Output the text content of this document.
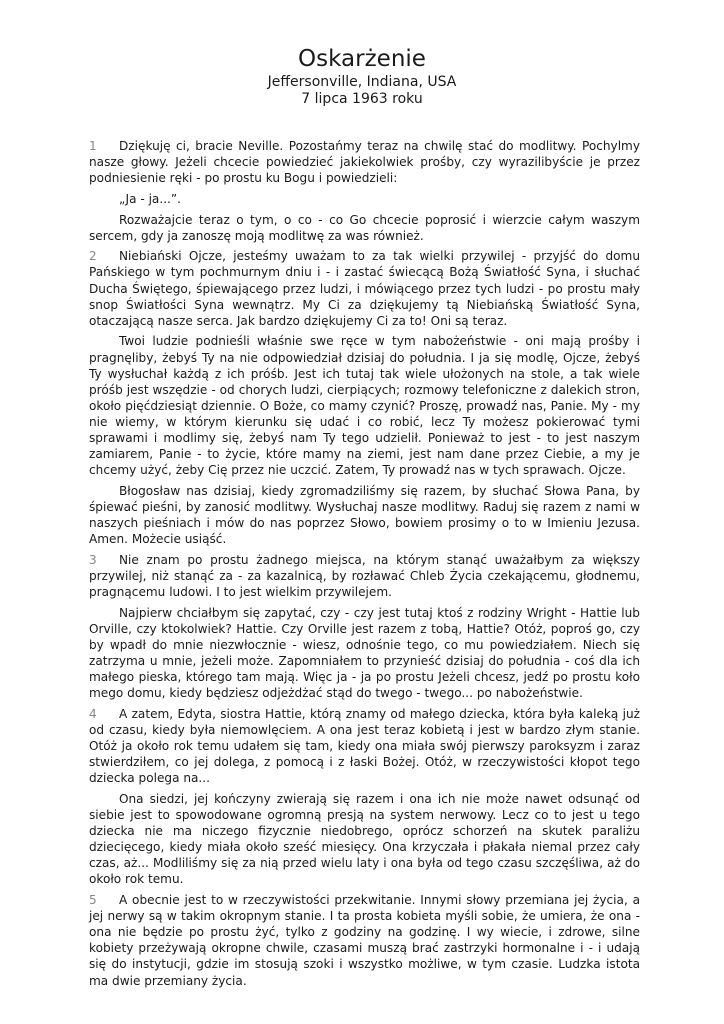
Oskarżenie
Jeffersonville, Indiana, USA
7 lipca 1963 roku

1 Dziękuję ci, bracie Neville. Pozostańmy teraz na chwilę stać do modlitwy. Pochylmy nasze głowy. Jeżeli chcecie powiedzieć jakiekolwiek prośby, czy wyrazilibyście je przez podniesienie ręki - po prostu ku Bogu i powiedzieli:

„Ja - ja...”.

Rozważajcie teraz o tym, o co - co Go chcecie poprosić i wierzcie całym waszym sercem, gdy ja zanoszę moją modlitwę za was również.

2 Niebiański Ojcze, jesteśmy uważam to za tak wielki przywilej - przyjść do domu Pańskiego w tym pochmurnym dniu i - i zastać świecącą Bożą Światłość Syna, i słuchać Ducha Świętego, śpiewającego przez ludzi, i mówiącego przez tych ludzi - po prostu mały snop Światłości Syna wewnątrz. My Ci za dziękujemy tą Niebiańską Światłość Syna, otaczającą nasze serca. Jak bardzo dziękujemy Ci za to! Oni są teraz.

Twoi ludzie podnieśli właśnie swe ręce w tym nabożeństwie - oni mają prośby i pragnęliby, żebyś Ty na nie odpowiedział dzisiaj do południa. I ja się modlę, Ojcze, żebyś Ty wysłuchał każdą z ich próśb. Jest ich tutaj tak wiele ułożonych na stole, a tak wiele próśb jest wszędzie - od chorych ludzi, cierpiących; rozmowy telefoniczne z dalekich stron, około pięćdziesiąt dziennie. O Boże, co mamy czynić? Proszę, prowadź nas, Panie. My - my nie wiemy, w którym kierunku się udać i co robić, lecz Ty możesz pokierować tymi sprawami i modlimy się, żebyś nam Ty tego udzielił. Ponieważ to jest - to jest naszym zamiarem, Panie - to życie, które mamy na ziemi, jest nam dane przez Ciebie, a my je chcemy użyć, żeby Cię przez nie uczcić. Zatem, Ty prowadź nas w tych sprawach. Ojcze.

Błogosław nas dzisiaj, kiedy zgromadziliśmy się razem, by słuchać Słowa Pana, by śpiewać pieśni, by zanosić modlitwy. Wysłuchaj nasze modlitwy. Raduj się razem z nami w naszych pieśniach i mów do nas poprzez Słowo, bowiem prosimy o to w Imieniu Jezusa. Amen. Możecie usiąść.

3 Nie znam po prostu żadnego miejsca, na którym stanąć uważałbym za większy przywilej, niż stanąć za - za kazalnicą, by rozławać Chleb Życia czekającemu, głodnemu, pragnącemu ludowi. I to jest wielkim przywilejem.

Najpierw chciałbym się zapytać, czy - czy jest tutaj ktoś z rodziny Wright - Hattie lub Orville, czy ktokolwiek? Hattie. Czy Orville jest razem z tobą, Hattie? Otóż, poproś go, czy by wpadł do mnie niezwłocznie - wiesz, odnośnie tego, co mu powiedziałem. Niech się zatrzyma u mnie, jeżeli może. Zapomniałem to przynieść dzisiaj do południa - coś dla ich małego pieska, którego tam mają. Więc ja - ja po prostu Jeżeli chcesz, jedź po prostu koło mego domu, kiedy będziesz odjeżdżać stąd do twego - twego... po nabożeństwie.

4 A zatem, Edyta, siostra Hattie, którą znamy od małego dziecka, która była kaleką już od czasu, kiedy była niemowlęciem. A ona jest teraz kobietą i jest w bardzo złym stanie. Otóż ja około rok temu udałem się tam, kiedy ona miała swój pierwszy paroksyzm i zaraz stwierdziłem, co jej dolega, z pomocą i z łaski Bożej. Otóż, w rzeczywistości kłopot tego dziecka polega na...

Ona siedzi, jej kończyny zwierają się razem i ona ich nie może nawet odsunąć od siebie jest to spowodowane ogromną presją na system nerwowy. Lecz co to jest u tego dziecka nie ma niczego fizycznie niedobrego, oprócz schorzeń na skutek paraliżu dziecięcego, kiedy miała około sześć miesięcy. Ona krzyczała i płakała niemal przez cały czas, aż... Modliliśmy się za nią przed wielu laty i ona była od tego czasu szczęśliwa, aż do około rok temu.

5 A obecnie jest to w rzeczywistości przekwitanie. Innymi słowy przemiana jej życia, a jej nerwy są w takim okropnym stanie. I ta prosta kobieta myśli sobie, że umiera, że ona - ona nie będzie po prostu żyć, tylko z godziny na godzinę. I wy wiecie, i zdrowe, silne kobiety przeżywają okropne chwile, czasami muszą brać zastrzyki hormonalne i - i udają się do instytucji, gdzie im stosują szoki i wszystko możliwe, w tym czasie. Ludzka istota ma dwie przemiany życia.
